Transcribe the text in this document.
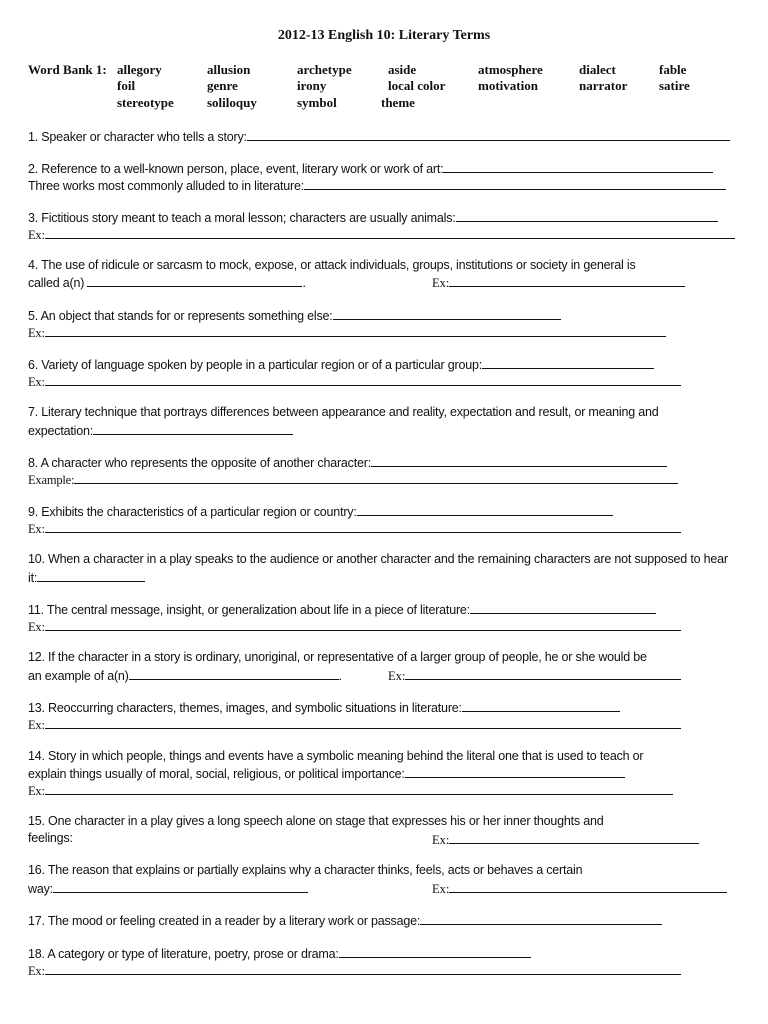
2012-13 English 10: Literary Terms
Word Bank 1: allegory	allusion	archetype	aside	atmosphere	dialect	fable
foil	genre	irony	local color	motivation	narrator satire
stereotype	soliloquy	symbol	theme
1. Speaker or character who tells a story:
2. Reference to a well-known person, place, event, literary work or work of art:
Three works most commonly alluded to in literature:
3. Fictitious story meant to teach a moral lesson; characters are usually animals:
Ex:
4. The use of ridicule or sarcasm to mock, expose, or attack individuals, groups, institutions or society in general is
called a(n)	.	Ex:
5. An object that stands for or represents something else:
Ex:
6. Variety of language spoken by people in a particular region or of a particular group:
Ex:
7. Literary technique that portrays differences between appearance and reality, expectation and result, or meaning and
expectation:
8. A character who represents the opposite of another character:
Example:
9. Exhibits the characteristics of a particular region or country:
Ex:
10. When a character in a play speaks to the audience or another character and the remaining characters are not supposed to hear
it:
11. The central message, insight, or generalization about life in a piece of literature:
Ex:
12. If the character in a story is ordinary, unoriginal, or representative of a larger group of people, he or she would be
an example of a(n)	.	Ex:
13. Reoccurring characters, themes, images, and symbolic situations in literature:
Ex:
14. Story in which people, things and events have a symbolic meaning behind the literal one that is used to teach or
explain things usually of moral, social, religious, or political importance:
Ex:
15. One character in a play gives a long speech alone on stage that expresses his or her inner thoughts and
feelings:	Ex:
16. The reason that explains or partially explains why a character thinks, feels, acts or behaves a certain
way:	Ex:
17. The mood or feeling created in a reader by a literary work or passage:
18. A category or type of literature, poetry, prose or drama:
Ex:
